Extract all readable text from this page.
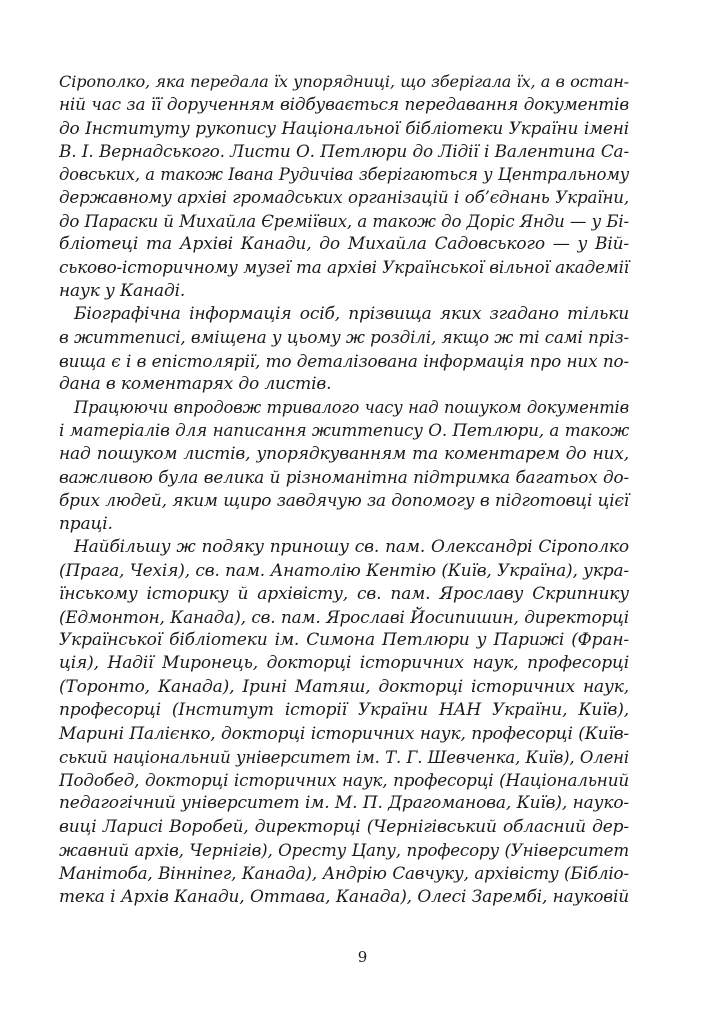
Сірополко, яка передала їх упорядниці, що зберігала їх, а в остан-
ній час за її дорученням відбувається передавання документів
до Інституту рукопису Національної бібліотеки України імені
В. І. Вернадського. Листи О. Петлюри до Лідії і Валентина Са-
довських, а також Івана Рудичіва зберігаються у Центральному
державному архіві громадських організацій і об’єднань України,
до Параски й Михайла Єреміївих, а також до Доріс Янди — у Бі-
бліотеці та Архіві Канади, до Михайла Садовського — у Вій-
ськово-історичному музеї та архіві Української вільної академії
наук у Канаді.
Біографічна інформація осіб, прізвища яких згадано тільки
в життеписі, вміщена у цьому ж розділі, якщо ж ті самі пріз-
вища є і в епістолярії, то деталізована інформація про них по-
дана в коментарях до листів.
Працюючи впродовж тривалого часу над пошуком документів
і матеріалів для написання життепису О. Петлюри, а також
над пошуком листів, упорядкуванням та коментарем до них,
важливою була велика й різноманітна підтримка багатьох до-
брих людей, яким щиро завдячую за допомогу в підготовці цієї
праці.
Найбільшу ж подяку приношу св. пам. Олександрі Сірополко
(Прага, Чехія), св. пам. Анатолію Кентію (Київ, Україна), укра-
їнському історику й архівісту, св. пам. Ярославу Скрипнику
(Едмонтон, Канада), св. пам. Ярославі Йосипишин, директорці
Української бібліотеки ім. Симона Петлюри у Парижі (Фран-
ція), Надії Миронець, докторці історичних наук, професорці
(Торонто, Канада), Ірині Матяш, докторці історичних наук,
професорці (Інститут історії України НАН України, Київ),
Марині Палієнко, докторці історичних наук, професорці (Київ-
ський національний університет ім. Т. Г. Шевченка, Київ), Олені
Подобед, докторці історичних наук, професорці (Національний
педагогічний університет ім. М. П. Драгоманова, Київ), науко-
виці Ларисі Воробей, директорці (Чернігівський обласний дер-
жавний архів, Чернігів), Оресту Цапу, професору (Університет
Манітоба, Вінніпег, Канада), Андрію Савчуку, архівісту (Бібліо-
тека і Архів Канади, Оттава, Канада), Олесі Зарембі, науковій
9
